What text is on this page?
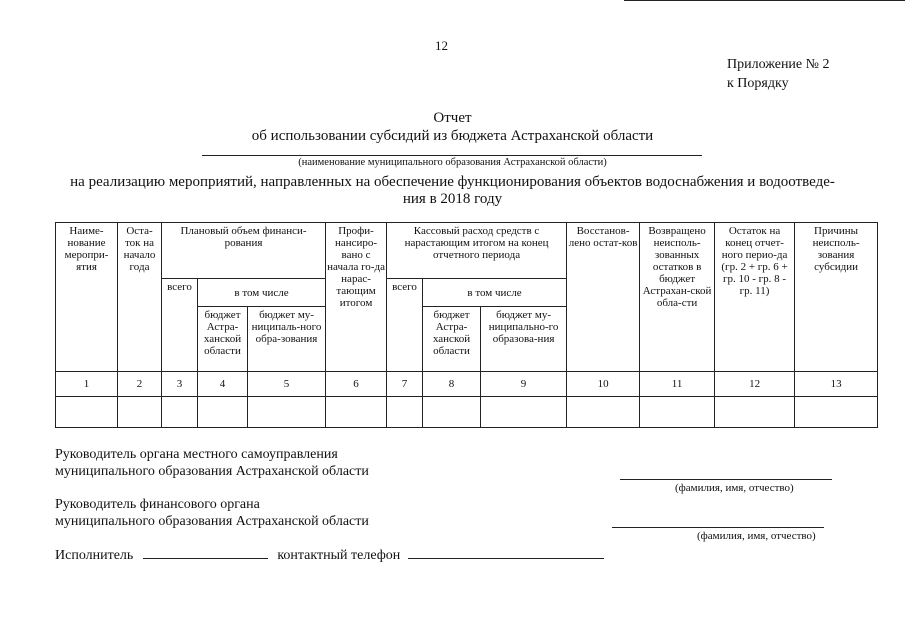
12
Приложение № 2
к Порядку
Отчет
об использовании субсидий из бюджета Астраханской области
(наименование муниципального образования Астраханской области)
на реализацию мероприятий, направленных на обеспечение функционирования объектов водоснабжения и водоотведе-
ния в 2018 году
Наиме-нование меропри-ятия	Оста-ток на начало года	Плановый объем финанси-рования			Профи-нансиро-вано с начала го-да нарас-тающим итогом	Кассовый расход средств с нарастающим итогом на конец отчетного периода			Восстанов-лено остат-ков	Возвращено неисполь-зованных остатков в бюджет Астрахан-ской обла-сти	Остаток на конец отчет-ного перио-да (гр. 2 + гр. 6 + гр. 10 - гр. 8 - гр. 11)	Причины неисполь-зования субсидии
		всего	в том числе			всего	в том числе					
			бюджет Астра-ханской области	бюджет му-ниципаль-ного обра-зования			бюджет Астра-ханской области	бюджет му-ниципально-го образова-ния				
1	2	3	4	5	6	7	8	9	10	11	12	13

Руководитель органа местного самоуправления
муниципального образования Астраханской области
(фамилия, имя, отчество)
Руководитель финансового органа
муниципального образования Астраханской области
(фамилия, имя, отчество)
Исполнитель	контактный телефон
